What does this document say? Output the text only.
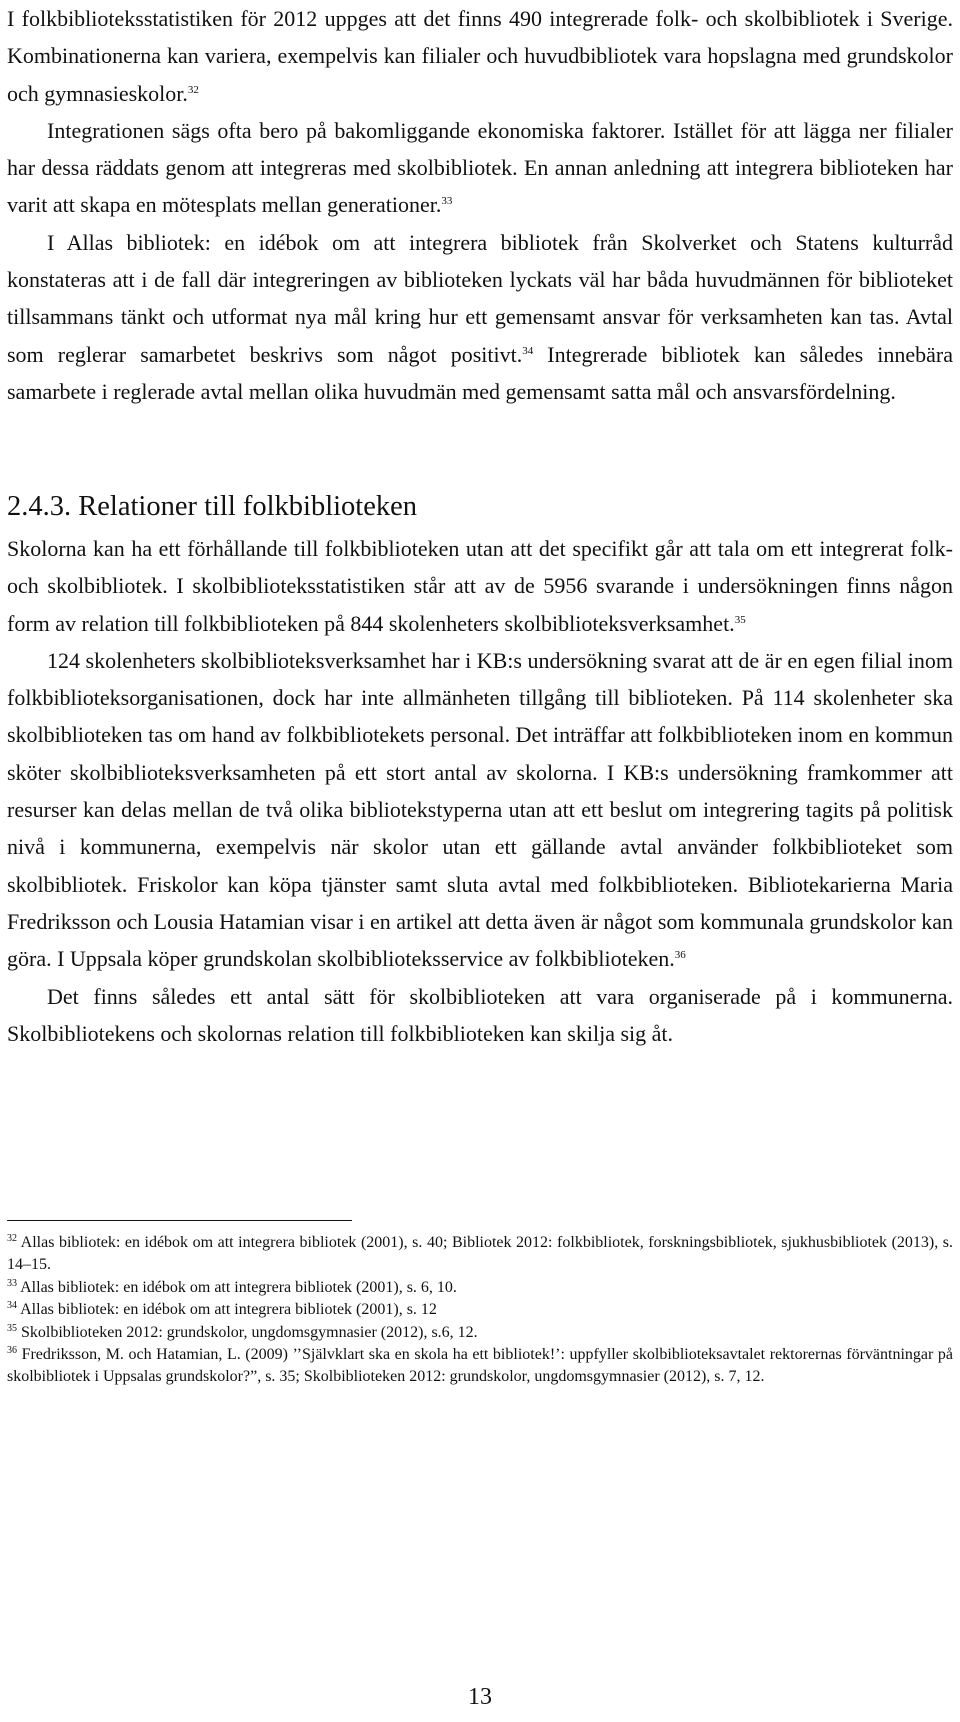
I folkbiblioteksstatistiken för 2012 uppges att det finns 490 integrerade folk- och skolbibliotek i Sverige. Kombinationerna kan variera, exempelvis kan filialer och huvudbibliotek vara hopslagna med grundskolor och gymnasieskolor.$^{32}$

Integrationen sägs ofta bero på bakomliggande ekonomiska faktorer. Istället för att lägga ner filialer har dessa räddats genom att integreras med skolbibliotek. En annan anledning att integrera biblioteken har varit att skapa en mötesplats mellan generationer.$^{33}$

I Allas bibliotek: en idébok om att integrera bibliotek från Skolverket och Statens kulturråd konstateras att i de fall där integreringen av biblioteken lyckats väl har båda huvudmännen för biblioteket tillsammans tänkt och utformat nya mål kring hur ett gemensamt ansvar för verksamheten kan tas. Avtal som reglerar samarbetet beskrivs som något positivt.$^{34}$ Integrerade bibliotek kan således innebära samarbete i reglerade avtal mellan olika huvudmän med gemensamt satta mål och ansvarsfördelning.

2.4.3. Relationer till folkbiblioteken

Skolorna kan ha ett förhållande till folkbiblioteken utan att det specifikt går att tala om ett integrerat folk- och skolbibliotek. I skolbiblioteksstatistiken står att av de 5956 svarande i undersökningen finns någon form av relation till folkbiblioteken på 844 skolenheters skolbiblioteksverksamhet.$^{35}$

124 skolenheters skolbiblioteksverksamhet har i KB:s undersökning svarat att de är en egen filial inom folkbiblioteksorganisationen, dock har inte allmänheten tillgång till biblioteken. På 114 skolenheter ska skolbiblioteken tas om hand av folkbibliotekets personal. Det inträffar att folkbiblioteken inom en kommun sköter skolbiblioteksverksamheten på ett stort antal av skolorna. I KB:s undersökning framkommer att resurser kan delas mellan de två olika bibliotekstyperna utan att ett beslut om integrering tagits på politisk nivå i kommunerna, exempelvis när skolor utan ett gällande avtal använder folkbiblioteket som skolbibliotek. Friskolor kan köpa tjänster samt sluta avtal med folkbiblioteken. Bibliotekarierna Maria Fredriksson och Lousia Hatamian visar i en artikel att detta även är något som kommunala grundskolor kan göra. I Uppsala köper grundskolan skolbiblioteksservice av folkbiblioteken.$^{36}$

Det finns således ett antal sätt för skolbiblioteken att vara organiserade på i kommunerna. Skolbibliotekens och skolornas relation till folkbiblioteken kan skilja sig åt.

$^{32}$ Allas bibliotek: en idébok om att integrera bibliotek (2001), s. 40; Bibliotek 2012: folkbibliotek, forskningsbibliotek, sjukhusbibliotek (2013), s. 14–15.

$^{33}$ Allas bibliotek: en idébok om att integrera bibliotek (2001), s. 6, 10.

$^{34}$ Allas bibliotek: en idébok om att integrera bibliotek (2001), s. 12

$^{35}$ Skolbiblioteken 2012: grundskolor, ungdomsgymnasier (2012), s.6, 12.

$^{36}$ Fredriksson, M. och Hatamian, L. (2009) ’’Självklart ska en skola ha ett bibliotek!’: uppfyller skolbiblioteksavtalet rektorernas förväntningar på skolbibliotek i Uppsalas grundskolor?”, s. 35; Skolbiblioteken 2012: grundskolor, ungdomsgymnasier (2012), s. 7, 12.

13
